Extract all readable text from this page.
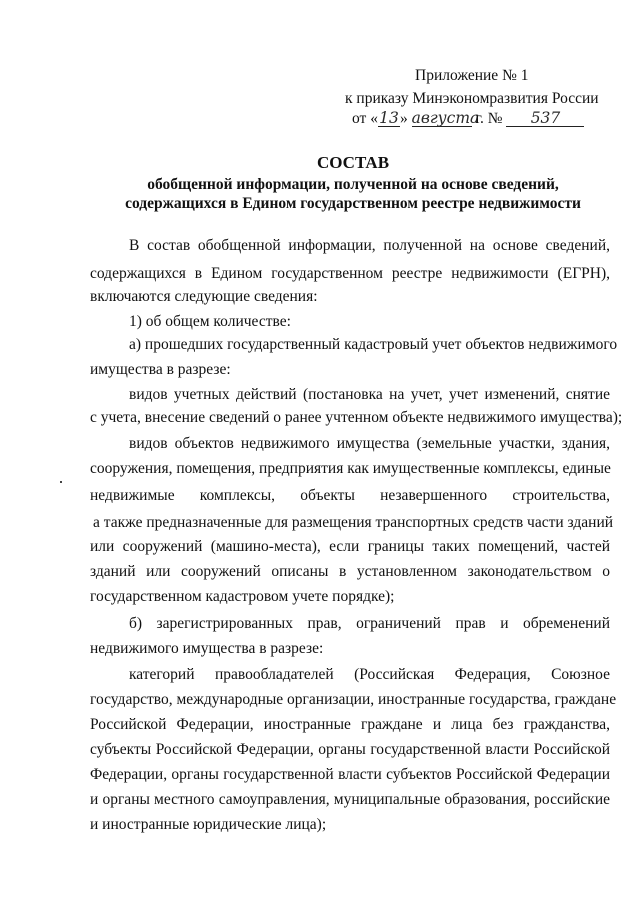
Приложение № 1
к приказу Минэкономразвития России
от «13» августа г. № 537
СОСТАВ
обобщенной информации, полученной на основе сведений,
содержащихся в Едином государственном реестре недвижимости
В состав обобщенной информации, полученной на основе сведений,
содержащихся в Едином государственном реестре недвижимости (ЕГРН),
включаются следующие сведения:
1) об общем количестве:
а) прошедших государственный кадастровый учет объектов недвижимого
имущества в разрезе:
видов учетных действий (постановка на учет, учет изменений, снятие
с учета, внесение сведений о ранее учтенном объекте недвижимого имущества);
видов объектов недвижимого имущества (земельные участки, здания,
сооружения, помещения, предприятия как имущественные комплексы, единые
недвижимые комплексы, объекты незавершенного строительства,
а также предназначенные для размещения транспортных средств части зданий
или сооружений (машино-места), если границы таких помещений, частей
зданий или сооружений описаны в установленном законодательством о
государственном кадастровом учете порядке);
б) зарегистрированных прав, ограничений прав и обременений
недвижимого имущества в разрезе:
категорий правообладателей (Российская Федерация, Союзное
государство, международные организации, иностранные государства, граждане
Российской Федерации, иностранные граждане и лица без гражданства,
субъекты Российской Федерации, органы государственной власти Российской
Федерации, органы государственной власти субъектов Российской Федерации
и органы местного самоуправления, муниципальные образования, российские
и иностранные юридические лица);
